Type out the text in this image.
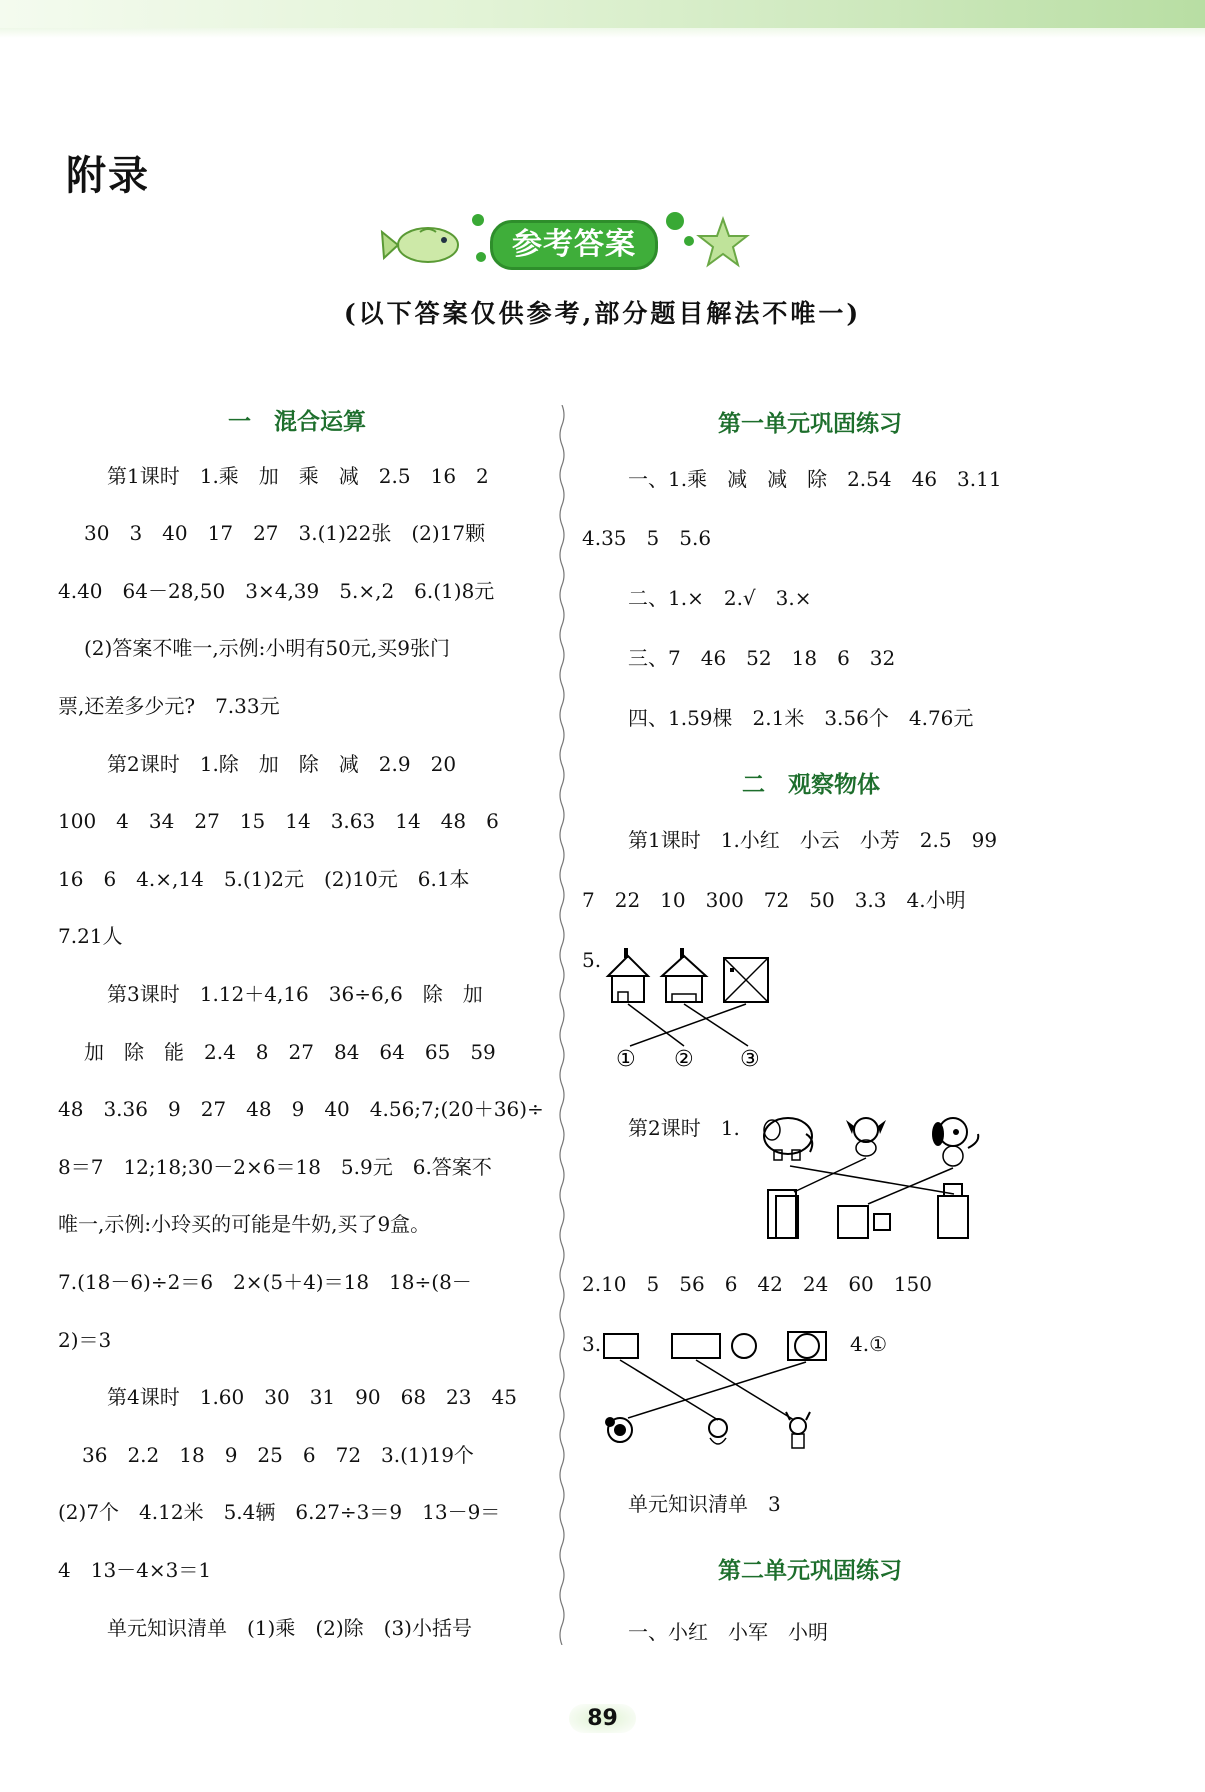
附录
参考答案
(以下答案仅供参考,部分题目解法不唯一)
一　混合运算
第1课时　1.乘　加　乘　减　2.5　16　2
30　3　40　17　27　3.(1)22张　(2)17颗
4.40　64－28,50　3×4,39　5.×,2　6.(1)8元
(2)答案不唯一,示例:小明有50元,买9张门
票,还差多少元?　7.33元
第2课时　1.除　加　除　减　2.9　20
100　4　34　27　15　14　3.63　14　48　6
16　6　4.×,14　5.(1)2元　(2)10元　6.1本
7.21人
第3课时　1.12＋4,16　36÷6,6　除　加
加　除　能　2.4　8　27　84　64　65　59
48　3.36　9　27　48　9　40　4.56;7;(20＋36)÷
8＝7　12;18;30－2×6＝18　5.9元　6.答案不
唯一,示例:小玲买的可能是牛奶,买了9盒。
7.(18－6)÷2＝6　2×(5＋4)＝18　18÷(8－
2)＝3
第4课时　1.60　30　31　90　68　23　45
36　2.2　18　9　25　6　72　3.(1)19个
(2)7个　4.12米　5.4辆　6.27÷3＝9　13－9＝
4　13－4×3＝1
单元知识清单　(1)乘　(2)除　(3)小括号
第一单元巩固练习
一、1.乘　减　减　除　2.54　46　3.11
4.35　5　5.6
二、1.×　2.√　3.×
三、7　46　52　18　6　32
四、1.59棵　2.1米　3.56个　4.76元
二　观察物体
第1课时　1.小红　小云　小芳　2.5　99
7　22　10　300　72　50　3.3　4.小明
5.
① ② ③
第2课时　1.
2.10　5　56　6　42　24　60　150
3.	4.①
单元知识清单　3
第二单元巩固练习
一、小红　小军　小明
89
